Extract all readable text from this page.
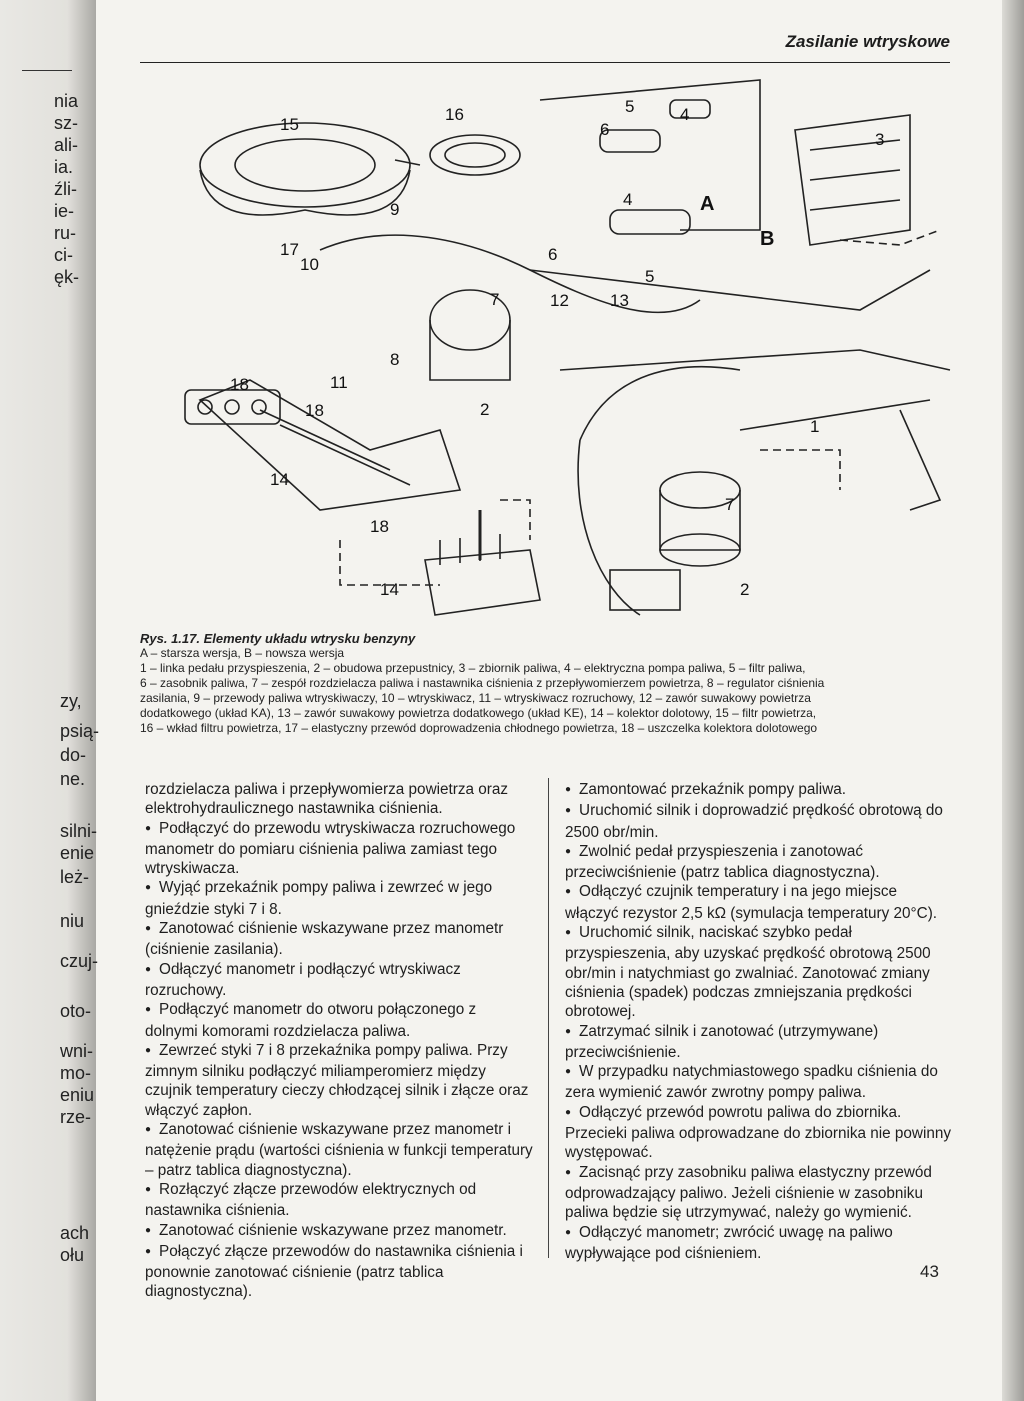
nia
sz-
ali-
ia.
źli-
ie-
ru-
ci-
ęk-
zy,
psią-
do-
ne.
silni-
enie
leż-
niu
czuj-
oto-
wni-
mo-
eniu
rze-
ach
ołu
Zasilanie wtryskowe
15
16	5
6
4
3
A
B
9
17
10
4
6
5
7	12 13
8
18	11
18	2
1
14
18
14
7
2

Rys. 1.17. Elementy układu wtrysku benzyny

A – starsza wersja, B – nowsza wersja

1 – linka pedału przyspieszenia, 2 – obudowa przepustnicy, 3 – zbiornik paliwa, 4 – elektryczna pompa paliwa, 5 – filtr paliwa,

6 – zasobnik paliwa, 7 – zespół rozdzielacza paliwa i nastawnika ciśnienia z przepływomierzem powietrza, 8 – regulator ciśnienia

zasilania, 9 – przewody paliwa wtryskiwaczy, 10 – wtryskiwacz, 11 – wtryskiwacz rozruchowy, 12 – zawór suwakowy powietrza

dodatkowego (układ KA), 13 – zawór suwakowy powietrza dodatkowego (układ KE), 14 – kolektor dolotowy, 15 – filtr powietrza,

16 – wkład filtru powietrza, 17 – elastyczny przewód doprowadzenia chłodnego powietrza, 18 – uszczelka kolektora dolotowego

rozdzielacza paliwa i przepływomierza powietrza oraz elektrohydraulicznego nastawnika ciśnienia.

● Podłączyć do przewodu wtryskiwacza rozruchowego manometr do pomiaru ciśnienia paliwa zamiast tego wtryskiwacza.

● Wyjąć przekaźnik pompy paliwa i zewrzeć w jego gnieździe styki 7 i 8.

● Zanotować ciśnienie wskazywane przez manometr (ciśnienie zasilania).

● Odłączyć manometr i podłączyć wtryskiwacz rozruchowy.

● Podłączyć manometr do otworu połączonego z dolnymi komorami rozdzielacza paliwa.

● Zewrzeć styki 7 i 8 przekaźnika pompy paliwa. Przy zimnym silniku podłączyć miliamperomierz między czujnik temperatury cieczy chłodzącej silnik i złącze oraz włączyć zapłon.

● Zanotować ciśnienie wskazywane przez manometr i natężenie prądu (wartości ciśnienia w funkcji temperatury – patrz tablica diagnostyczna).

● Rozłączyć złącze przewodów elektrycznych od nastawnika ciśnienia.

● Zanotować ciśnienie wskazywane przez manometr.

● Połączyć złącze przewodów do nastawnika ciśnienia i ponownie zanotować ciśnienie (patrz tablica diagnostyczna).

● Zamontować przekaźnik pompy paliwa.

● Uruchomić silnik i doprowadzić prędkość obrotową do 2500 obr/min.

● Zwolnić pedał przyspieszenia i zanotować przeciwciśnienie (patrz tablica diagnostyczna).

● Odłączyć czujnik temperatury i na jego miejsce włączyć rezystor 2,5 kΩ (symulacja temperatury 20°C).

● Uruchomić silnik, naciskać szybko pedał przyspieszenia, aby uzyskać prędkość obrotową 2500 obr/min i natychmiast go zwalniać. Zanotować zmiany ciśnienia (spadek) podczas zmniejszania prędkości obrotowej.

● Zatrzymać silnik i zanotować (utrzymywane) przeciwciśnienie.

● W przypadku natychmiastowego spadku ciśnienia do zera wymienić zawór zwrotny pompy paliwa.

● Odłączyć przewód powrotu paliwa do zbiornika. Przecieki paliwa odprowadzane do zbiornika nie powinny występować.

● Zacisnąć przy zasobniku paliwa elastyczny przewód odprowadzający paliwo. Jeżeli ciśnienie w zasobniku paliwa będzie się utrzymywać, należy go wymienić.

● Odłączyć manometr; zwrócić uwagę na paliwo wypływające pod ciśnieniem.

43
